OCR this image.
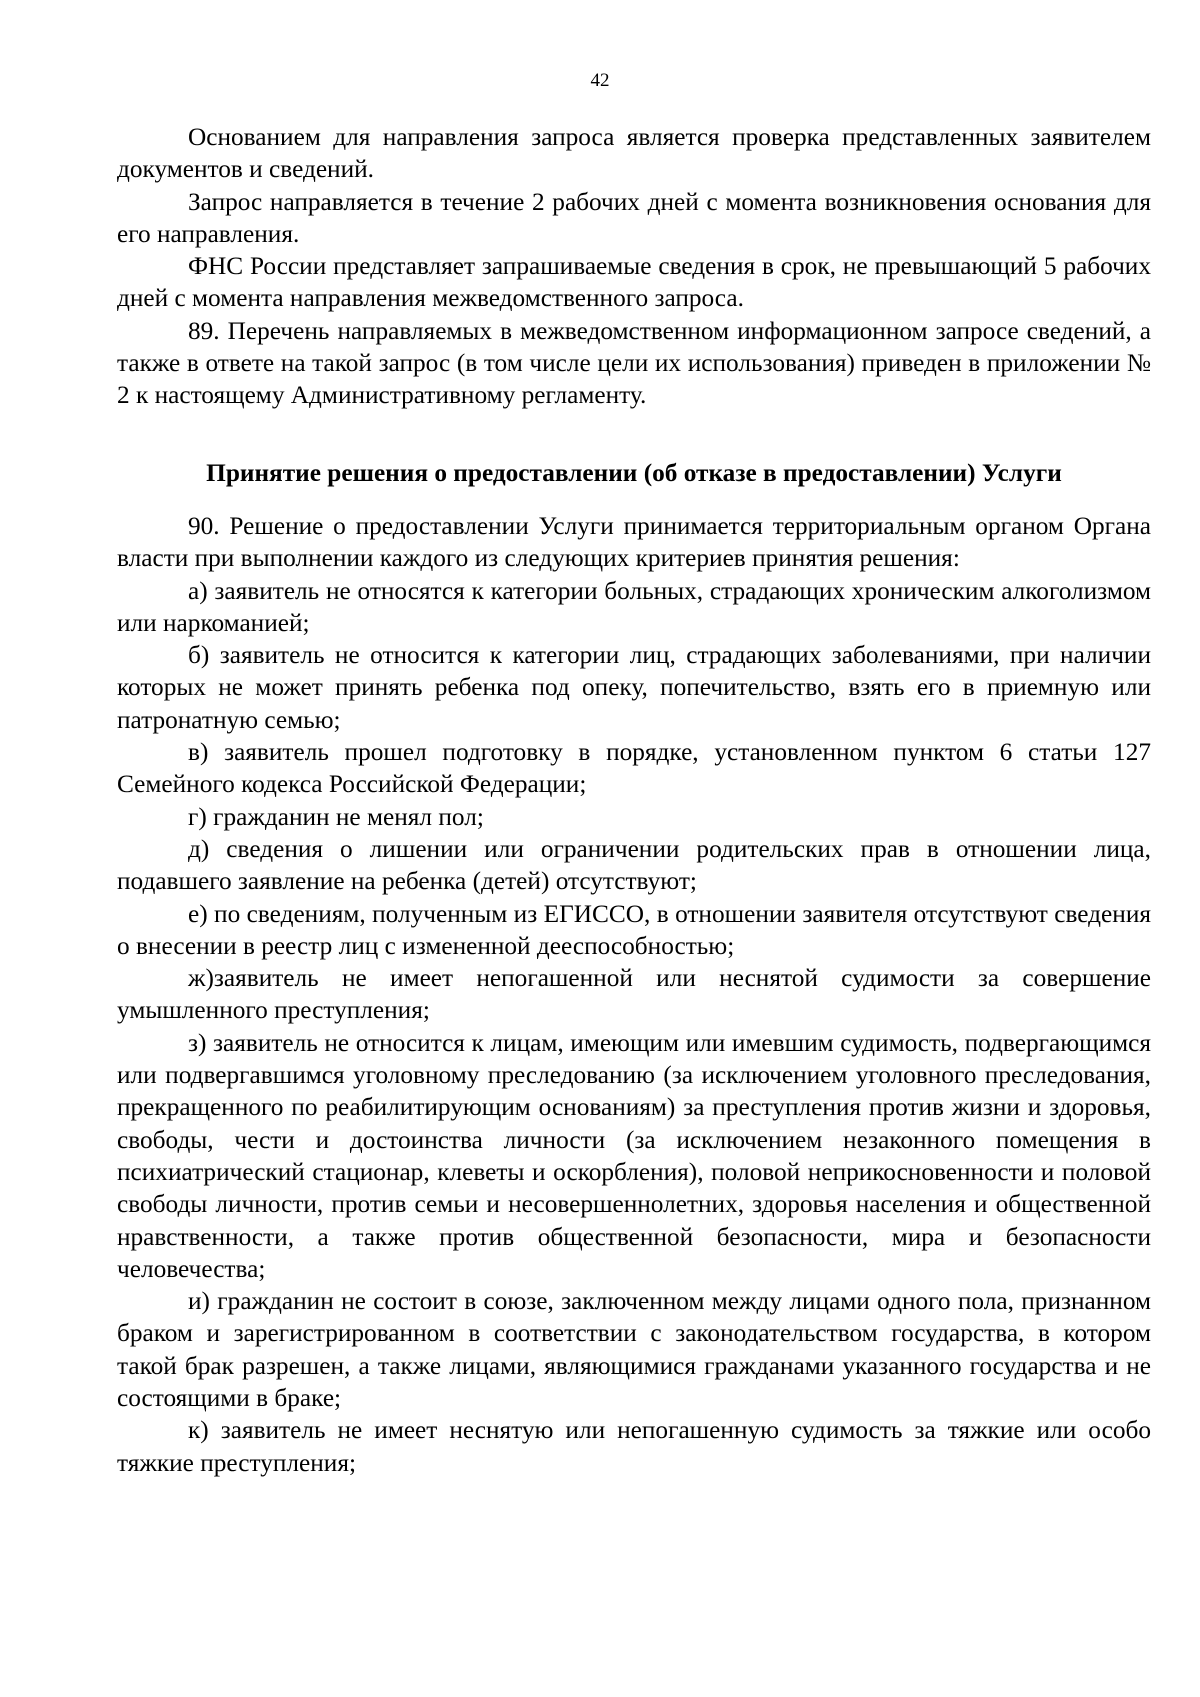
42

Основанием для направления запроса является проверка представленных заявителем документов и сведений.

Запрос направляется в течение 2 рабочих дней с момента возникновения основания для его направления.

ФНС России представляет запрашиваемые сведения в срок, не превышающий 5 рабочих дней с момента направления межведомственного запроса.

89. Перечень направляемых в межведомственном информационном запросе сведений, а также в ответе на такой запрос (в том числе цели их использования) приведен в приложении № 2 к настоящему Административному регламенту.

Принятие решения о предоставлении (об отказе в предоставлении) Услуги

90. Решение о предоставлении Услуги принимается территориальным органом Органа власти при выполнении каждого из следующих критериев принятия решения:

а) заявитель не относятся к категории больных, страдающих хроническим алкоголизмом или наркоманией;

б) заявитель не относится к категории лиц, страдающих заболеваниями, при наличии которых не может принять ребенка под опеку, попечительство, взять его в приемную или патронатную семью;

в) заявитель прошел подготовку в порядке, установленном пунктом 6 статьи 127 Семейного кодекса Российской Федерации;

г) гражданин не менял пол;

д) сведения о лишении или ограничении родительских прав в отношении лица, подавшего заявление на ребенка (детей) отсутствуют;

е) по сведениям, полученным из ЕГИССО, в отношении заявителя отсутствуют сведения о внесении в реестр лиц с измененной дееспособностью;

ж)заявитель не имеет непогашенной или неснятой судимости за совершение умышленного преступления;

з) заявитель не относится к лицам, имеющим или имевшим судимость, подвергающимся или подвергавшимся уголовному преследованию (за исключением уголовного преследования, прекращенного по реабилитирующим основаниям) за преступления против жизни и здоровья, свободы, чести и достоинства личности (за исключением незаконного помещения в психиатрический стационар, клеветы и оскорбления), половой неприкосновенности и половой свободы личности, против семьи и несовершеннолетних, здоровья населения и общественной нравственности, а также против общественной безопасности, мира и безопасности человечества;

и) гражданин не состоит в союзе, заключенном между лицами одного пола, признанном браком и зарегистрированном в соответствии с законодательством государства, в котором такой брак разрешен, а также лицами, являющимися гражданами указанного государства и не состоящими в браке;

к) заявитель не имеет неснятую или непогашенную судимость за тяжкие или особо тяжкие преступления;
